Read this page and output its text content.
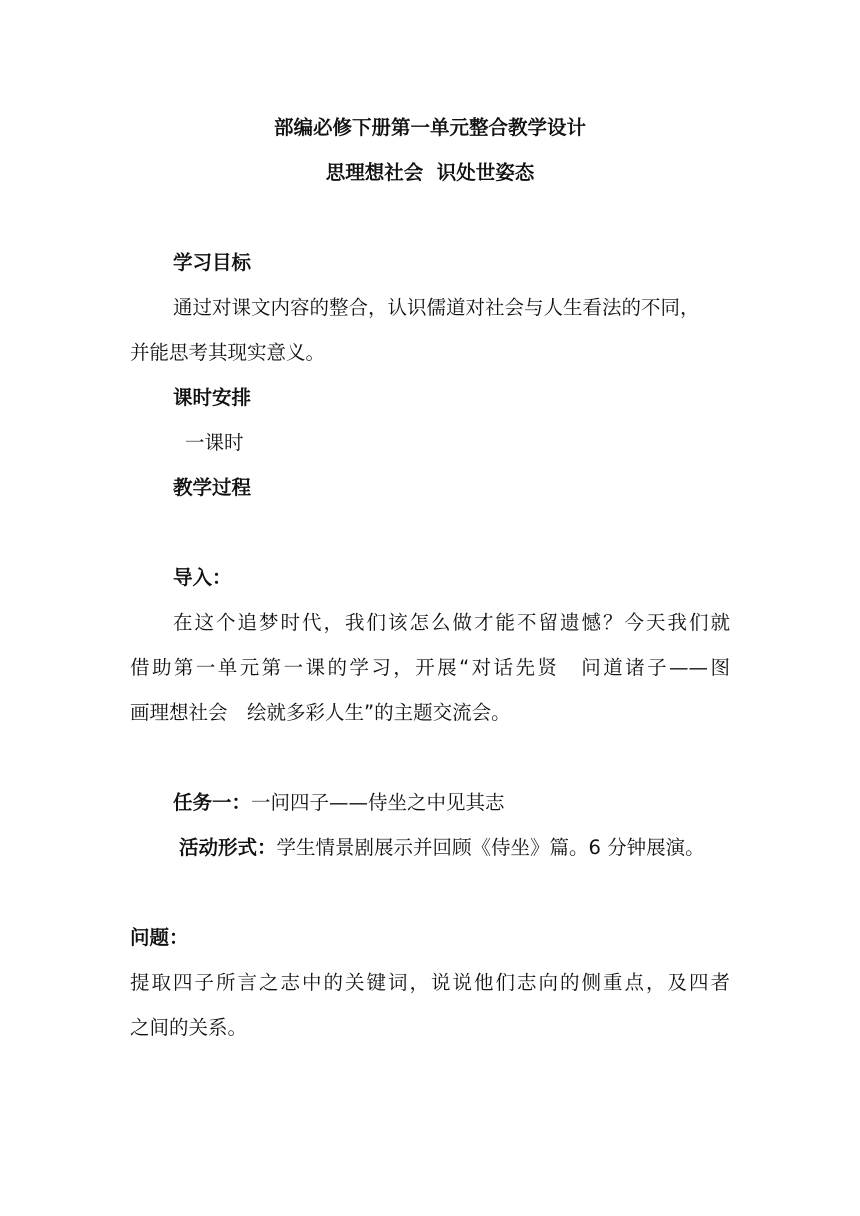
部编必修下册第一单元整合教学设计
思理想社会  识处世姿态
学习目标
通过对课文内容的整合，认识儒道对社会与人生看法的不同，
并能思考其现实意义。
课时安排
一课时
教学过程
导入：
在这个追梦时代，我们该怎么做才能不留遗憾？今天我们就
借助第一单元第一课的学习，开展“对话先贤　问道诸子——图
画理想社会　绘就多彩人生”的主题交流会。
任务一：一问四子——侍坐之中见其志
活动形式：学生情景剧展示并回顾《侍坐》篇。6 分钟展演。
问题：
提取四子所言之志中的关键词，说说他们志向的侧重点，及四者
之间的关系。
